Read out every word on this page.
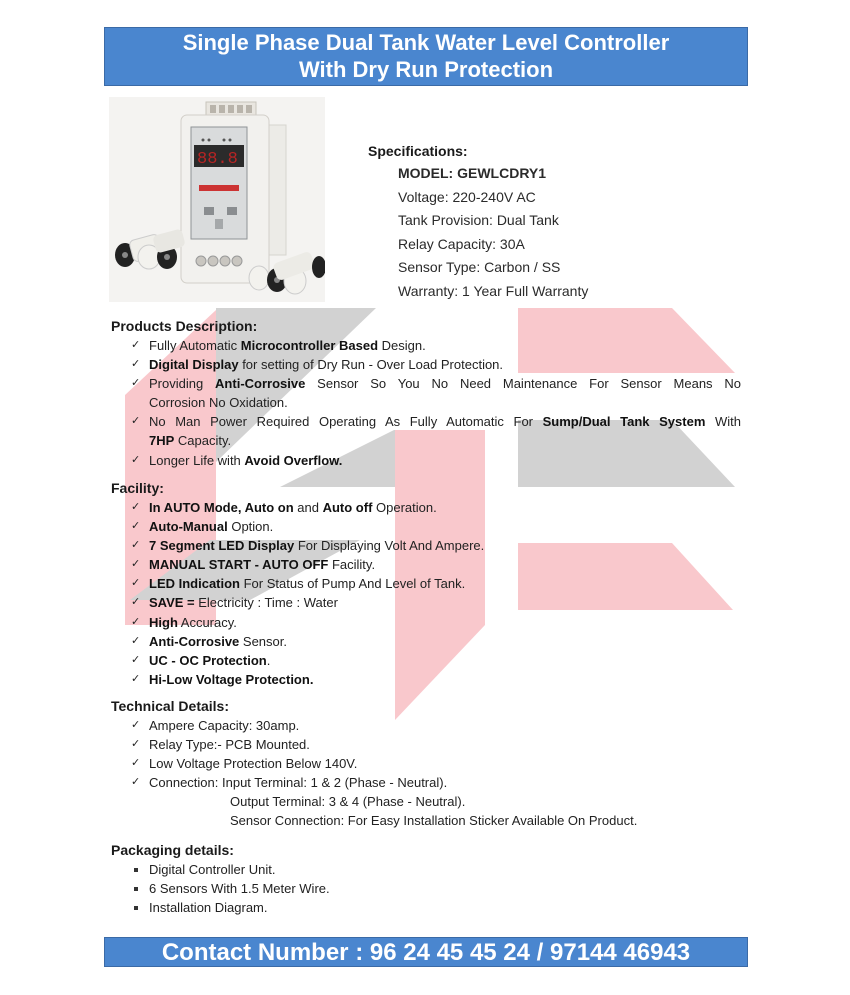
Single Phase Dual Tank Water Level Controller
With Dry Run Protection
88.8	Specifications:
MODEL: GEWLCDRY1
Voltage: 220-240V AC
Tank Provision: Dual Tank
Relay Capacity: 30A
Sensor Type: Carbon / SS
Warranty: 1 Year Full Warranty
Products Description:
✓ Fully Automatic Microcontroller Based Design.
✓ Digital Display for setting of Dry Run - Over Load Protection.
✓ Providing Anti-Corrosive Sensor So You No Need Maintenance For Sensor Means No
Corrosion No Oxidation.
✓ No Man Power Required Operating As Fully Automatic For Sump/Dual Tank System With
7HP Capacity.
✓ Longer Life with Avoid Overflow.
Facility:
✓ In AUTO Mode, Auto on and Auto off Operation.
✓ Auto-Manual Option.
✓ 7 Segment LED Display For Displaying Volt And Ampere.
✓ MANUAL START - AUTO OFF Facility.
✓ LED Indication For Status of Pump And Level of Tank.
✓ SAVE = Electricity : Time : Water
✓ High Accuracy.
✓ Anti-Corrosive Sensor.
✓ UC - OC Protection.
✓ Hi-Low Voltage Protection.
Technical Details:
✓ Ampere Capacity: 30amp.
✓ Relay Type:- PCB Mounted.
✓ Low Voltage Protection Below 140V.
✓ Connection: Input Terminal: 1 & 2 (Phase - Neutral).
Output Terminal: 3 & 4 (Phase - Neutral).
Sensor Connection: For Easy Installation Sticker Available On Product.
Packaging details:
Digital Controller Unit.
6 Sensors With 1.5 Meter Wire.
Installation Diagram.
Contact Number : 96 24 45 45 24 / 97144 46943
